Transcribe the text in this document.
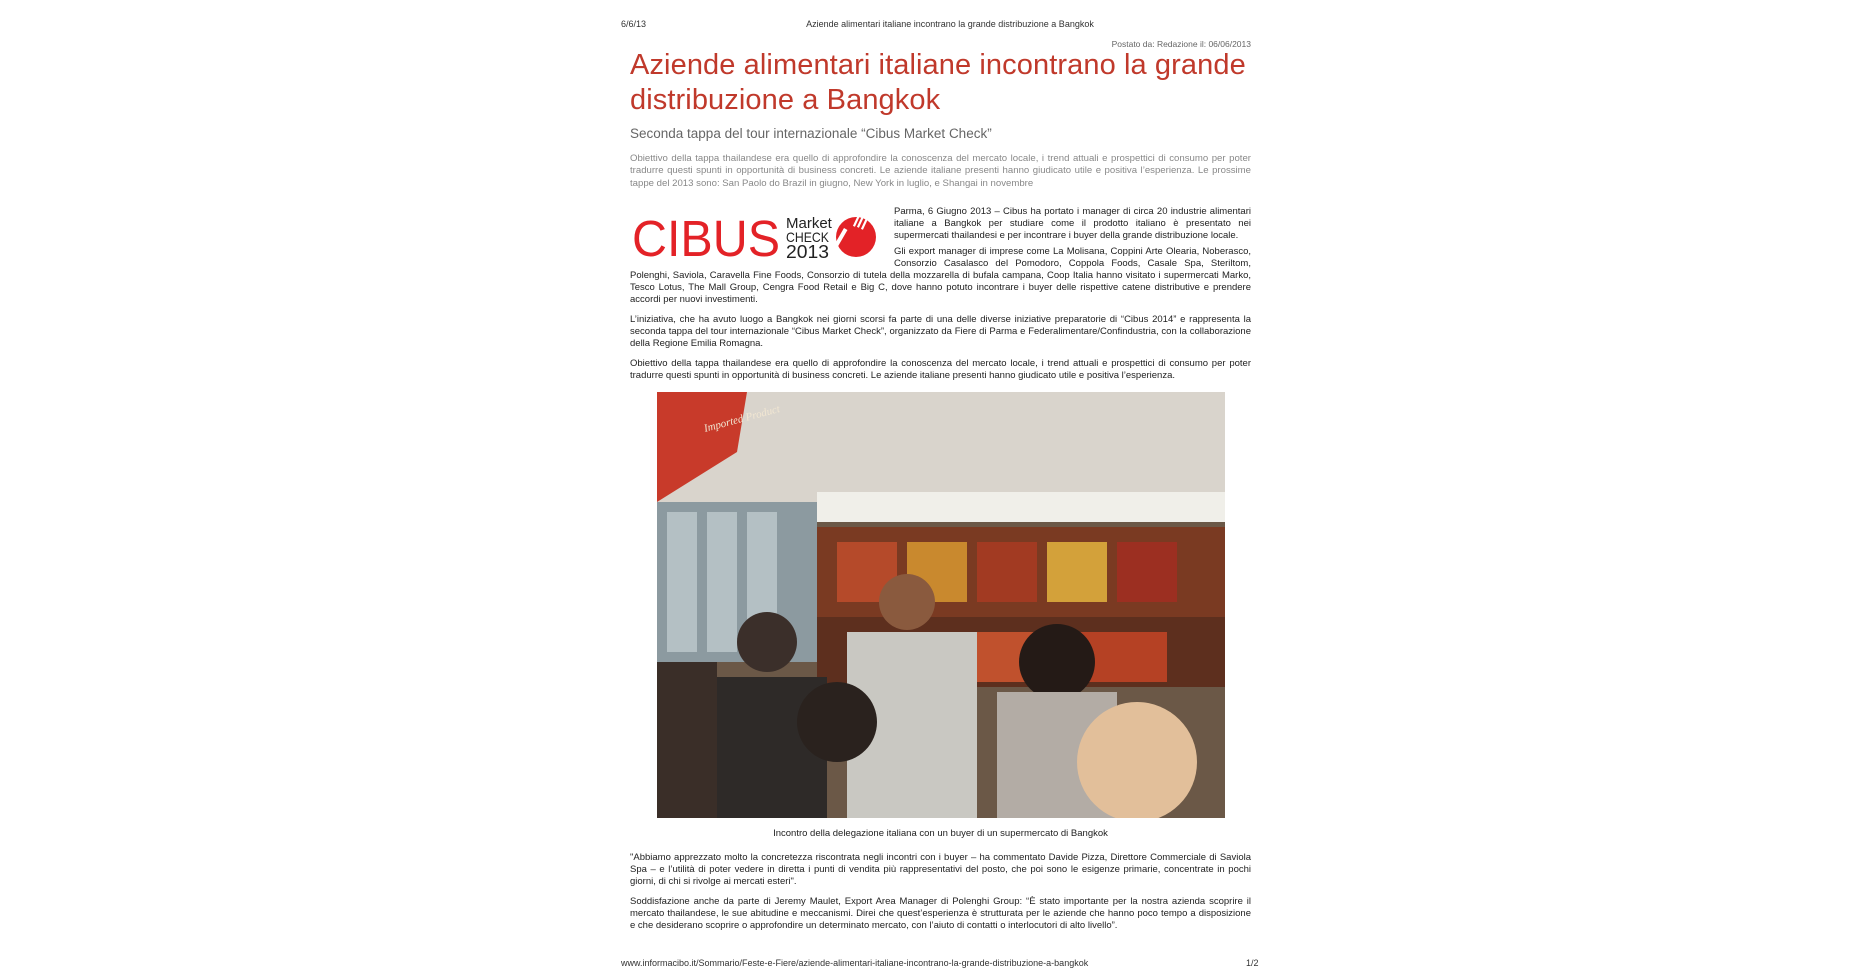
6/6/13	Aziende alimentari italiane incontrano la grande distribuzione a Bangkok
Postato da: Redazione il: 06/06/2013
Aziende alimentari italiane incontrano la grande distribuzione a Bangkok
Seconda tappa del tour internazionale “Cibus Market Check”
Obiettivo della tappa thailandese era quello di approfondire la conoscenza del mercato locale, i trend attuali e prospettici di consumo per poter tradurre questi spunti in opportunità di business concreti. Le aziende italiane presenti hanno giudicato utile e positiva l’esperienza. Le prossime tappe del 2013 sono: San Paolo do Brazil in giugno, New York in luglio, e Shangai in novembre
CIBUS Market
CHECK
2013

Parma, 6 Giugno 2013 – Cibus ha portato i manager di circa 20 industrie alimentari italiane a Bangkok per studiare come il prodotto italiano è presentato nei supermercati thailandesi e per incontrare i buyer della grande distribuzione locale.

Gli export manager di imprese come La Molisana, Coppini Arte Olearia, Noberasco, Consorzio Casalasco del Pomodoro, Coppola Foods, Casale Spa, Steriltom, Polenghi, Saviola, Caravella Fine Foods, Consorzio di tutela della mozzarella di bufala campana, Coop Italia hanno visitato i supermercati Marko, Tesco Lotus, The Mall Group, Cengra Food Retail e Big C, dove hanno potuto incontrare i buyer delle rispettive catene distributive e prendere accordi per nuovi investimenti.

L’iniziativa, che ha avuto luogo a Bangkok nei giorni scorsi fa parte di una delle diverse iniziative preparatorie di “Cibus 2014” e rappresenta la seconda tappa del tour internazionale “Cibus Market Check”, organizzato da Fiere di Parma e Federalimentare/Confindustria, con la collaborazione della Regione Emilia Romagna.

Obiettivo della tappa thailandese era quello di approfondire la conoscenza del mercato locale, i trend attuali e prospettici di consumo per poter tradurre questi spunti in opportunità di business concreti. Le aziende italiane presenti hanno giudicato utile e positiva l’esperienza.

Imported Product
Incontro della delegazione italiana con un buyer di un supermercato di Bangkok

"Abbiamo apprezzato molto la concretezza riscontrata negli incontri con i buyer – ha commentato Davide Pizza, Direttore Commerciale di Saviola Spa – e l’utilità di poter vedere in diretta i punti di vendita più rappresentativi del posto, che poi sono le esigenze primarie, concentrate in pochi giorni, di chi si rivolge ai mercati esteri".

Soddisfazione anche da parte di Jeremy Maulet, Export Area Manager di Polenghi Group: “È stato importante per la nostra azienda scoprire il mercato thailandese, le sue abitudine e meccanismi. Direi che quest’esperienza è strutturata per le aziende che hanno poco tempo a disposizione e che desiderano scoprire o approfondire un determinato mercato, con l’aiuto di contatti o interlocutori di alto livello”.

www.informacibo.it/Sommario/Feste-e-Fiere/aziende-alimentari-italiane-incontrano-la-grande-distribuzione-a-bangkok	1/2
